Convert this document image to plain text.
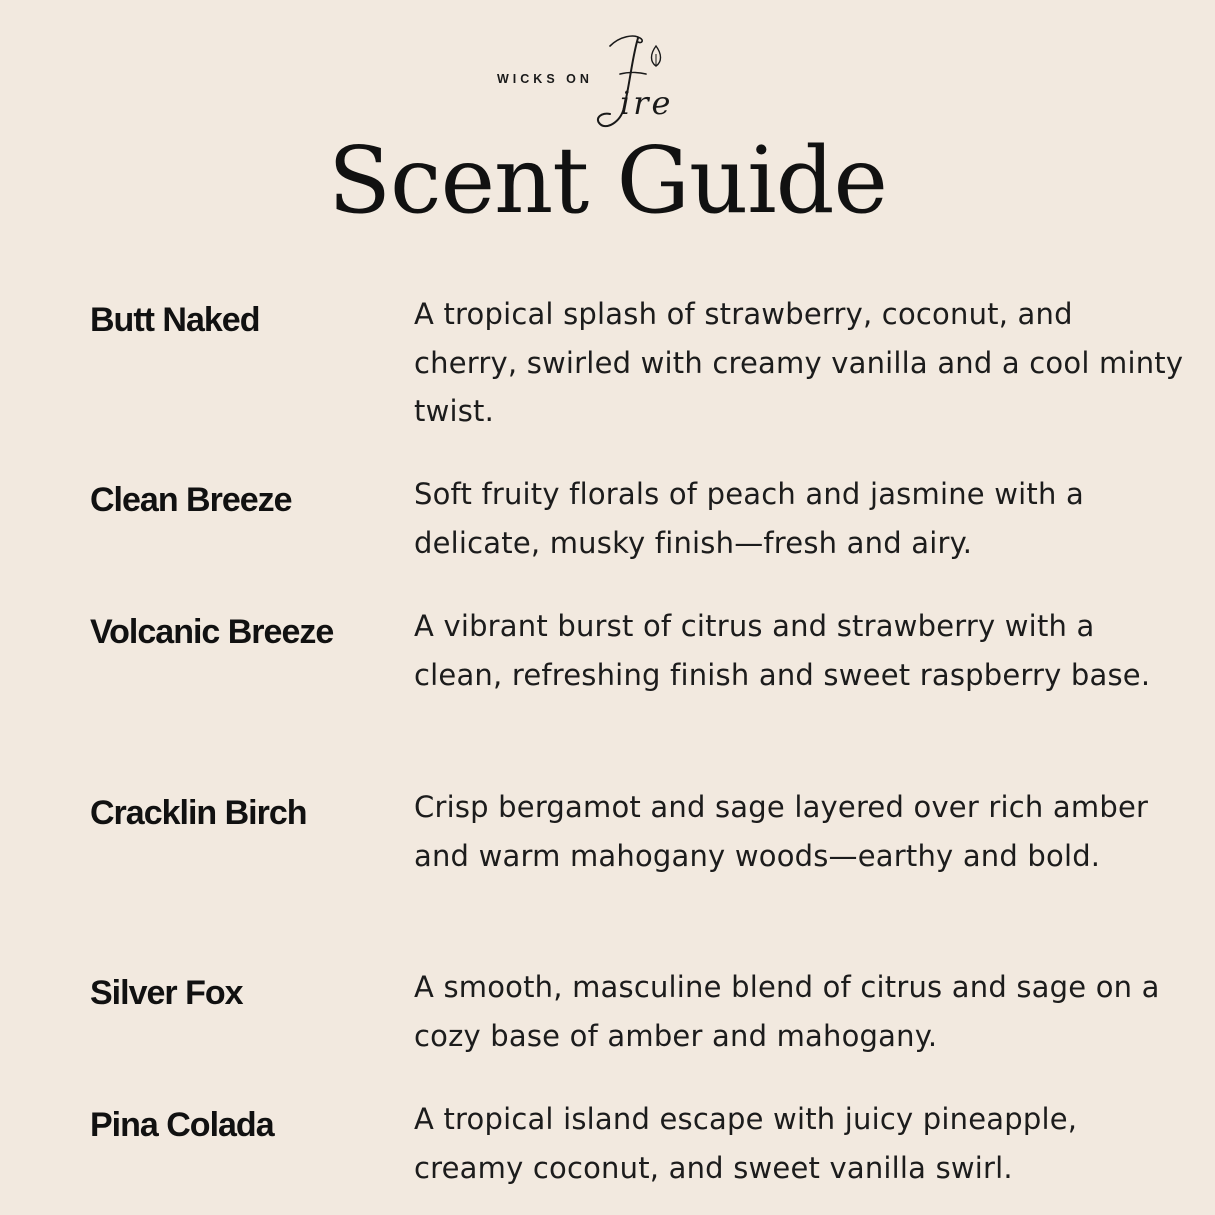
WICKS ON
ire
Scent Guide
Butt Naked	A tropical splash of strawberry, coconut, and cherry, swirled with creamy vanilla and a cool minty twist.
Clean Breeze	Soft fruity florals of peach and jasmine with a delicate, musky finish—fresh and airy.
Volcanic Breeze	A vibrant burst of citrus and strawberry with a clean, refreshing finish and sweet raspberry base.
Cracklin Birch	Crisp bergamot and sage layered over rich amber and warm mahogany woods—earthy and bold.
Silver Fox	A smooth, masculine blend of citrus and sage on a cozy base of amber and mahogany.
Pina Colada	A tropical island escape with juicy pineapple, creamy coconut, and sweet vanilla swirl.
